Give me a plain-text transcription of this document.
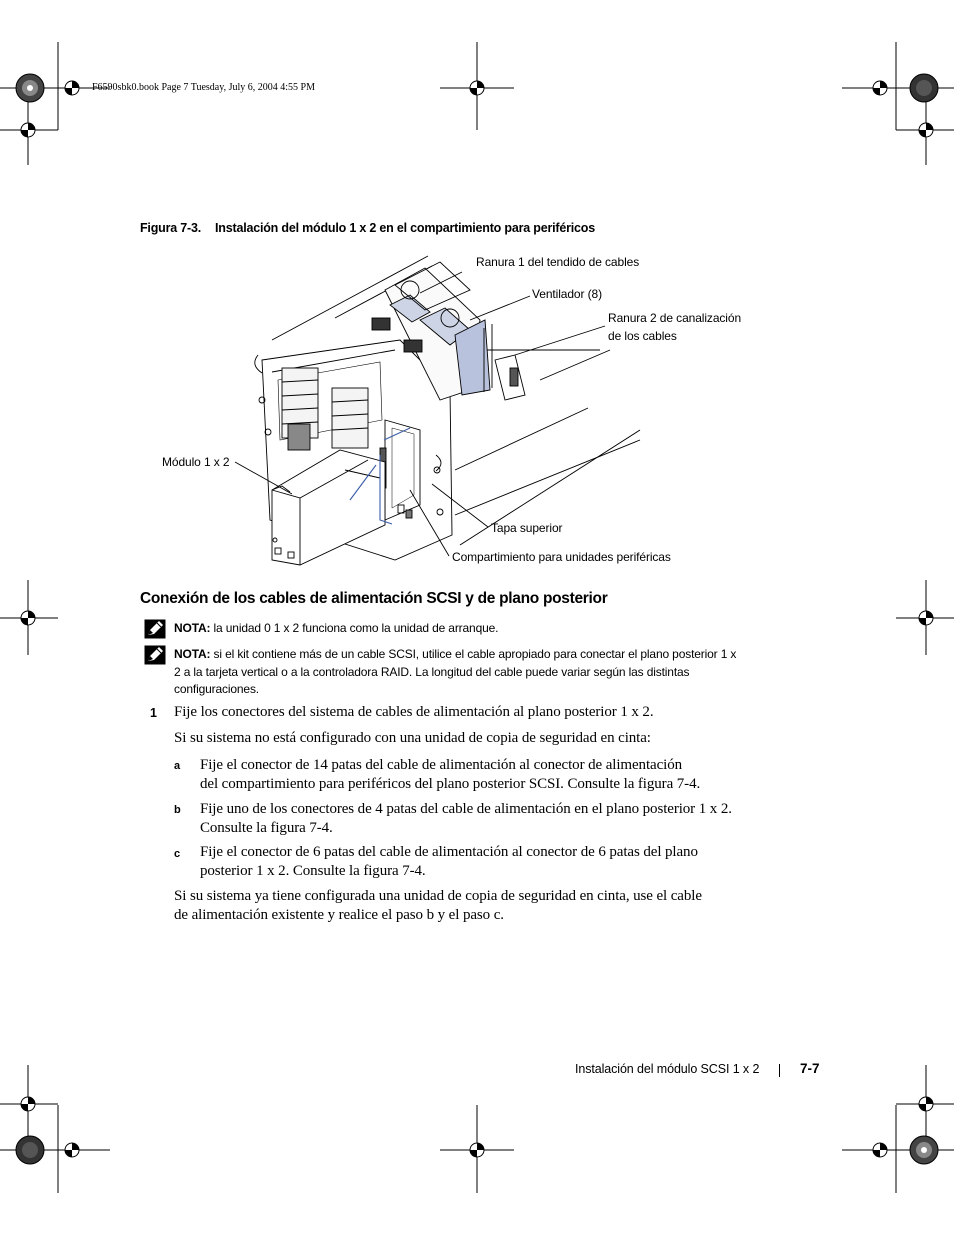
F6590sbk0.book Page 7 Tuesday, July 6, 2004 4:55 PM
Figura 7-3. Instalación del módulo 1 x 2 en el compartimiento para periféricos
Ranura 1 del tendido de cables
Ventilador (8)
Ranura 2 de canalización
de los cables
Módulo 1 x 2
Tapa superior
Compartimiento para unidades periféricas
Conexión de los cables de alimentación SCSI y de plano posterior
NOTA: la unidad 0 1 x 2 funciona como la unidad de arranque.
NOTA: si el kit contiene más de un cable SCSI, utilice el cable apropiado para conectar el plano posterior 1 x 2 a la tarjeta vertical o a la controladora RAID. La longitud del cable puede variar según las distintas configuraciones.
1 Fije los conectores del sistema de cables de alimentación al plano posterior 1 x 2.
Si su sistema no está configurado con una unidad de copia de seguridad en cinta:
a Fije el conector de 14 patas del cable de alimentación al conector de alimentación
del compartimiento para periféricos del plano posterior SCSI. Consulte la figura 7-4.
b Fije uno de los conectores de 4 patas del cable de alimentación en el plano posterior 1 x 2.
Consulte la figura 7-4.
c Fije el conector de 6 patas del cable de alimentación al conector de 6 patas del plano
posterior 1 x 2. Consulte la figura 7-4.
Si su sistema ya tiene configurada una unidad de copia de seguridad en cinta, use el cable
de alimentación existente y realice el paso b y el paso c.
Instalación del módulo SCSI 1 x 2	7-7
